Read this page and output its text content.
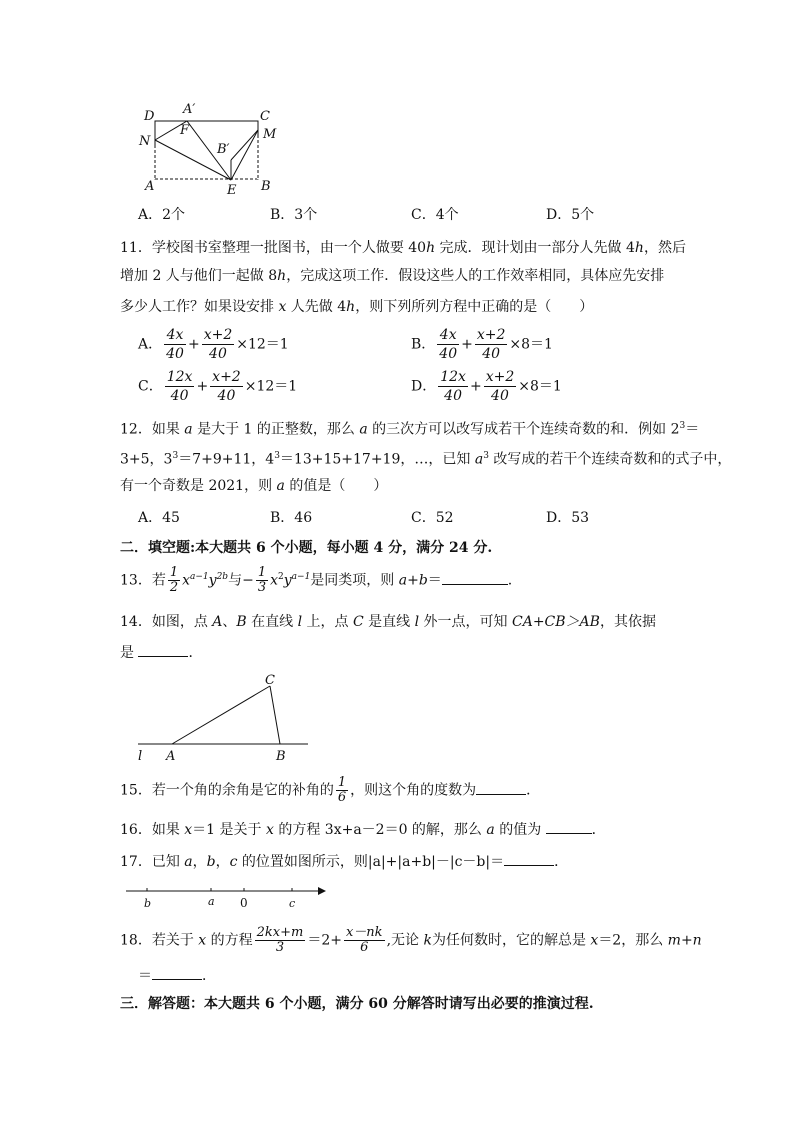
D A′	C
F	M
N
B′
A	E B
A．2个	B．3个	C．4个	D．5个
11．学校图书室整理一批图书，由一个人做要 40h 完成．现计划由一部分人先做 4h，然后
增加 2 人与他们一起做 8h，完成这项工作．假设这些人的工作效率相同，具体应先安排
多少人工作？如果设安排 x 人先做 4h，则下列所列方程中正确的是（　　）
A． $\frac{4x}{40} + \frac{x+2}{40} \times 12=1$	B． $\frac{4x}{40} + \frac{x+2}{40} \times 8=1$
C． $\frac{12x}{40} + \frac{x+2}{40} \times 12=1$	D． $\frac{12x}{40} + \frac{x+2}{40} \times 8=1$
12．如果 a 是大于 1 的正整数，那么 a 的三次方可以改写成若干个连续奇数的和．例如 $2^3=$
3+5，$3^3=7+9+11$，$4^3=13+15+17+19$，…，已知 $a^3$ 改写成的若干个连续奇数和的式子中，
有一个奇数是 2021，则 a 的值是（　　）
A．45	B．46	C．52	D．53
二．填空题:本大题共 6 个小题，每小题 4 分，满分 24 分.
13．若 $\frac{1}{2} x^{a-1}y^{2b}$与− $\frac{1}{3} x^2y^{a-1}$是同类项，则 a+b＝	.
14．如图，点 A、B 在直线 l 上，点 C 是直线 l 外一点，可知 CA+CB＞AB，其依据
是	．
C
l A	B
15．若一个角的余角是它的补角的 $\frac{1}{6}$ ，则这个角的度数为	．
16．如果 x＝1 是关于 x 的方程 3x+a－2＝0 的解，那么 a 的值为	．
17．已知 a，b，c 的位置如图所示，则|a|+|a+b|－|c－b|＝	．
b	a 0	c
18．若关于 x 的方程 $\frac{2kx+m}{3} =2+ \frac{x-nk}{6}$ ,无论 k为任何数时，它的解总是 x＝2，那么 m+n
＝	．
三．解答题：本大题共 6 个小题，满分 60 分解答时请写出必要的推演过程.
